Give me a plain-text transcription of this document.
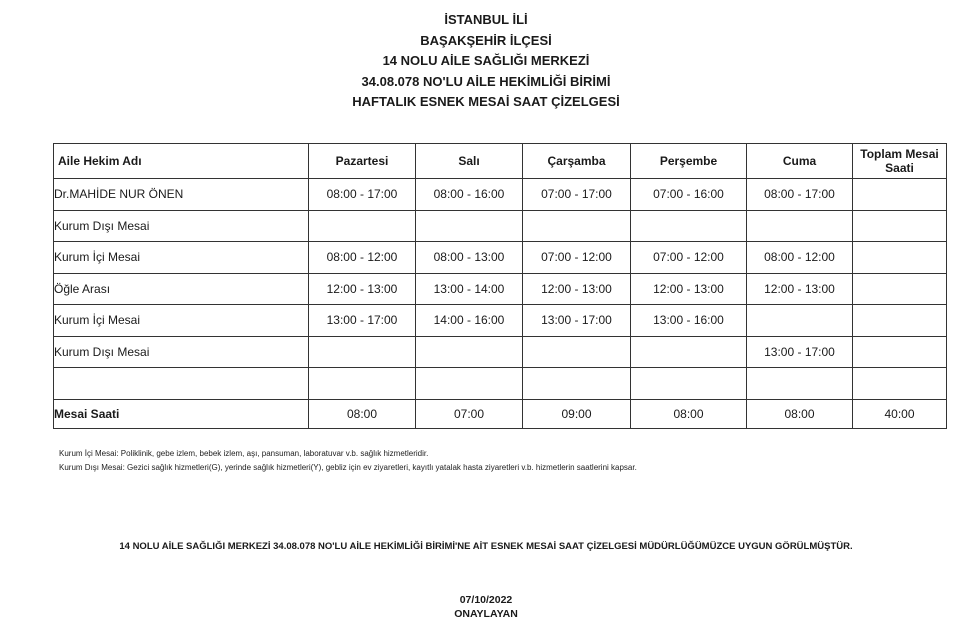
İSTANBUL İLİ
BAŞAKŞEHİR İLÇESİ
14 NOLU AİLE SAĞLIĞI MERKEZİ
34.08.078 NO'LU AİLE HEKİMLİĞİ BİRİMİ
HAFTALIK ESNEK MESAİ SAAT ÇİZELGESİ
Aile Hekim Adı	Pazartesi	Salı	Çarşamba	Perşembe	Cuma	Toplam Mesai Saati
Dr.MAHİDE NUR ÖNEN	08:00 - 17:00	08:00 - 16:00	07:00 - 17:00	07:00 - 16:00	08:00 - 17:00	
Kurum Dışı Mesai						
Kurum İçi Mesai	08:00 - 12:00	08:00 - 13:00	07:00 - 12:00	07:00 - 12:00	08:00 - 12:00	
Öğle Arası	12:00 - 13:00	13:00 - 14:00	12:00 - 13:00	12:00 - 13:00	12:00 - 13:00	
Kurum İçi Mesai	13:00 - 17:00	14:00 - 16:00	13:00 - 17:00	13:00 - 16:00		
Kurum Dışı Mesai					13:00 - 17:00	

Mesai Saati	08:00	07:00	09:00	08:00	08:00	40:00
Kurum İçi Mesai: Poliklinik, gebe izlem, bebek izlem, aşı, pansuman, laboratuvar v.b. sağlık hizmetleridir.
Kurum Dışı Mesai: Gezici sağlık hizmetleri(G), yerinde sağlık hizmetleri(Y), gebliz için ev ziyaretleri, kayıtlı yatalak hasta ziyaretleri v.b. hizmetlerin saatlerini kapsar.
14 NOLU AİLE SAĞLIĞI MERKEZİ 34.08.078 NO'LU AİLE HEKİMLİĞİ BİRİMİ'NE AİT ESNEK MESAİ SAAT ÇİZELGESİ MÜDÜRLÜĞÜMÜZCE UYGUN GÖRÜLMÜŞTÜR.
07/10/2022
ONAYLAYAN
